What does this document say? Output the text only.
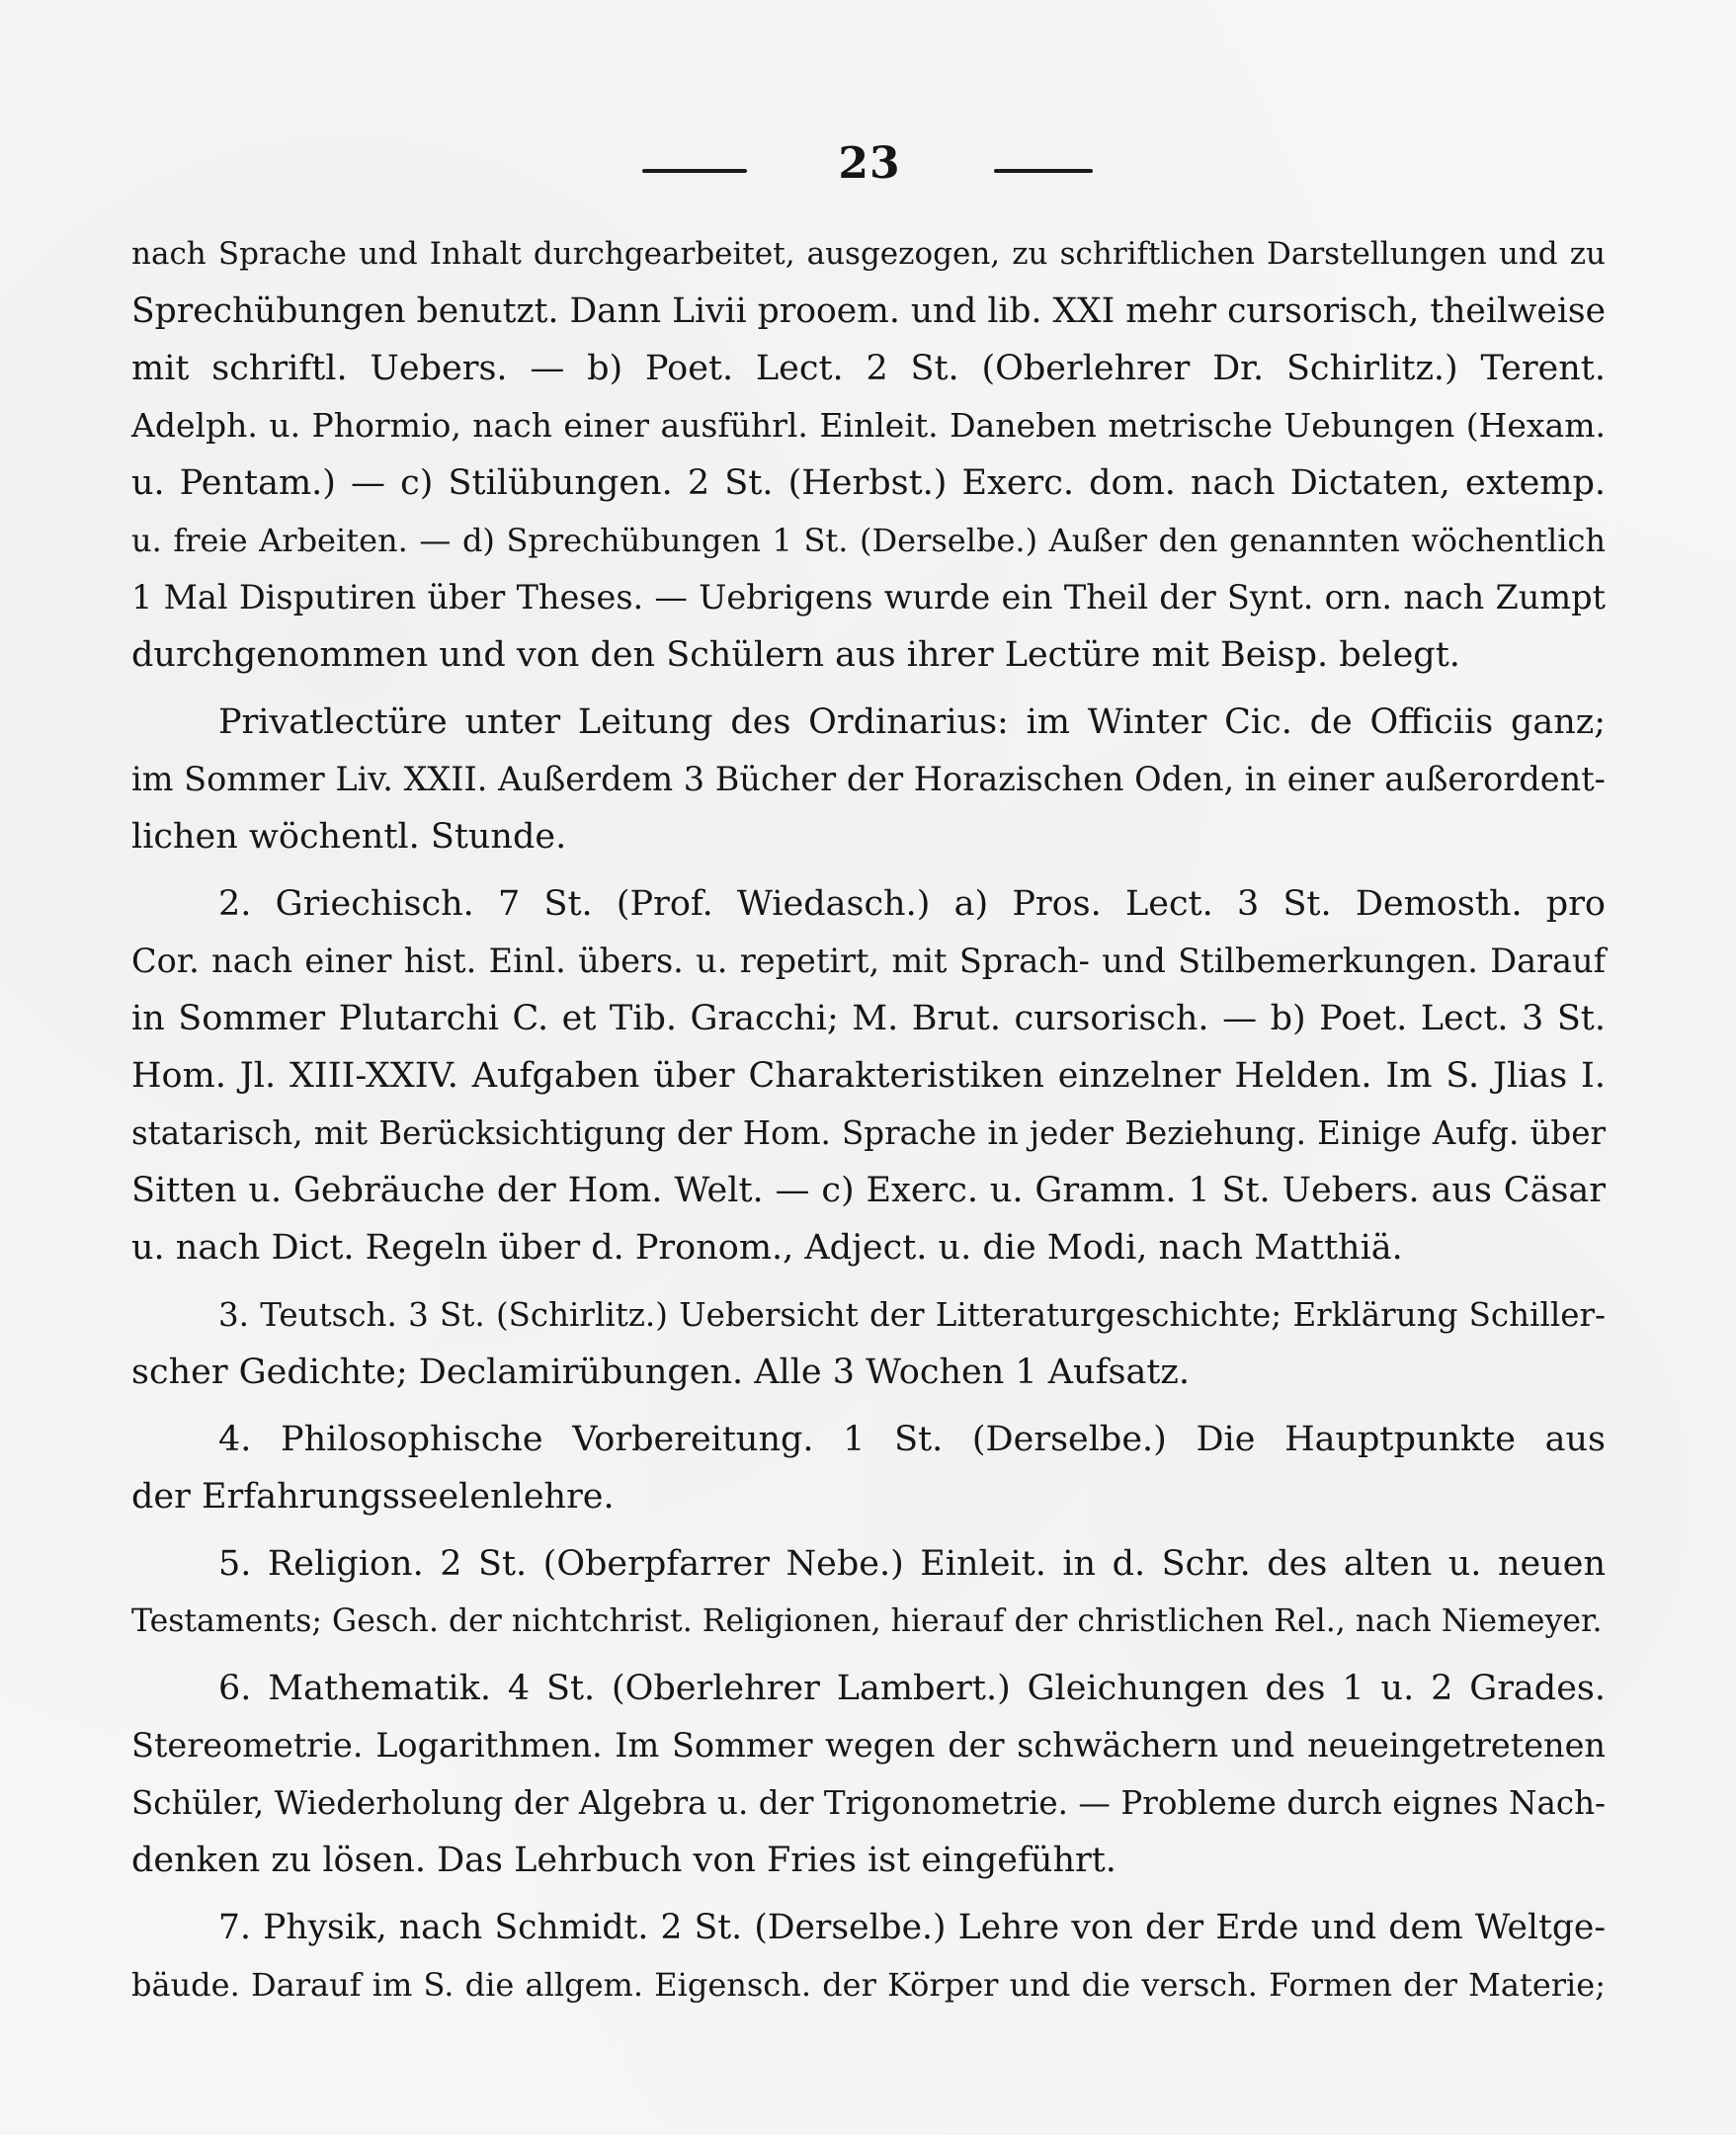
23
nach Sprache und Inhalt durchgearbeitet, ausgezogen, zu schriftlichen Darstellungen und zu
Sprechübungen benutzt. Dann Livii prooem. und lib. XXI mehr cursorisch, theilweise
mit schriftl. Uebers. — b) Poet. Lect. 2 St. (Oberlehrer Dr. Schirlitz.) Terent.
Adelph. u. Phormio, nach einer ausführl. Einleit. Daneben metrische Uebungen (Hexam.
u. Pentam.) — c) Stilübungen. 2 St. (Herbst.) Exerc. dom. nach Dictaten, extemp.
u. freie Arbeiten. — d) Sprechübungen 1 St. (Derselbe.) Außer den genannten wöchentlich
1 Mal Disputiren über Theses. — Uebrigens wurde ein Theil der Synt. orn. nach Zumpt
durchgenommen und von den Schülern aus ihrer Lectüre mit Beisp. belegt.
Privatlectüre unter Leitung des Ordinarius: im Winter Cic. de Officiis ganz;
im Sommer Liv. XXII. Außerdem 3 Bücher der Horazischen Oden, in einer außerordent-
lichen wöchentl. Stunde.
2. Griechisch. 7 St. (Prof. Wiedasch.) a) Pros. Lect. 3 St. Demosth. pro
Cor. nach einer hist. Einl. übers. u. repetirt, mit Sprach- und Stilbemerkungen. Darauf
in Sommer Plutarchi C. et Tib. Gracchi; M. Brut. cursorisch. — b) Poet. Lect. 3 St.
Hom. Jl. XIII-XXIV. Aufgaben über Charakteristiken einzelner Helden. Im S. Jlias I.
statarisch, mit Berücksichtigung der Hom. Sprache in jeder Beziehung. Einige Aufg. über
Sitten u. Gebräuche der Hom. Welt. — c) Exerc. u. Gramm. 1 St. Uebers. aus Cäsar
u. nach Dict. Regeln über d. Pronom., Adject. u. die Modi, nach Matthiä.
3. Teutsch. 3 St. (Schirlitz.) Uebersicht der Litteraturgeschichte; Erklärung Schiller-
scher Gedichte; Declamirübungen. Alle 3 Wochen 1 Aufsatz.
4. Philosophische Vorbereitung. 1 St. (Derselbe.) Die Hauptpunkte aus
der Erfahrungsseelenlehre.
5. Religion. 2 St. (Oberpfarrer Nebe.) Einleit. in d. Schr. des alten u. neuen
Testaments; Gesch. der nichtchrist. Religionen, hierauf der christlichen Rel., nach Niemeyer.
6. Mathematik. 4 St. (Oberlehrer Lambert.) Gleichungen des 1 u. 2 Grades.
Stereometrie. Logarithmen. Im Sommer wegen der schwächern und neueingetretenen
Schüler, Wiederholung der Algebra u. der Trigonometrie. — Probleme durch eignes Nach-
denken zu lösen. Das Lehrbuch von Fries ist eingeführt.
7. Physik, nach Schmidt. 2 St. (Derselbe.) Lehre von der Erde und dem Weltge-
bäude. Darauf im S. die allgem. Eigensch. der Körper und die versch. Formen der Materie;
